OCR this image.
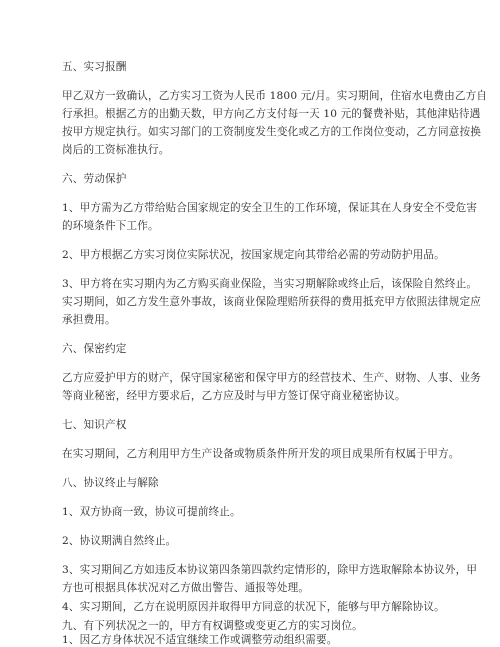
五、实习报酬

甲乙双方一致确认，乙方实习工资为人民币 1800 元/月。实习期间，住宿水电费由乙方自

行承担。根据乙方的出勤天数，甲方向乙方支付每一天 10 元的餐费补贴，其他津贴待遇

按甲方规定执行。如实习部门的工资制度发生变化或乙方的工作岗位变动，乙方同意按换

岗后的工资标准执行。

六、劳动保护

1、甲方需为乙方带给贴合国家规定的安全卫生的工作环境，保证其在人身安全不受危害

的环境条件下工作。

2、甲方根据乙方实习岗位实际状况，按国家规定向其带给必需的劳动防护用品。

3、甲方将在实习期内为乙方购买商业保险，当实习期解除或终止后，该保险自然终止。

实习期间，如乙方发生意外事故，该商业保险理赔所获得的费用抵充甲方依照法律规定应

承担费用。

六、保密约定

乙方应爱护甲方的财产，保守国家秘密和保守甲方的经营技术、生产、财物、人事、业务

等商业秘密，经甲方要求后，乙方应及时与甲方签订保守商业秘密协议。

七、知识产权

在实习期间，乙方利用甲方生产设备或物质条件所开发的项目成果所有权属于甲方。

八、协议终止与解除

1、双方协商一致，协议可提前终止。

2、协议期满自然终止。

3、实习期间乙方如违反本协议第四条第四款约定情形的，除甲方选取解除本协议外，甲

方也可根据具体状况对乙方做出警告、通报等处理。

4、实习期间，乙方在说明原因并取得甲方同意的状况下，能够与甲方解除协议。

九、有下列状况之一的，甲方有权调整或变更乙方的实习岗位。

1、因乙方身体状况不适宜继续工作或调整劳动组织需要。
